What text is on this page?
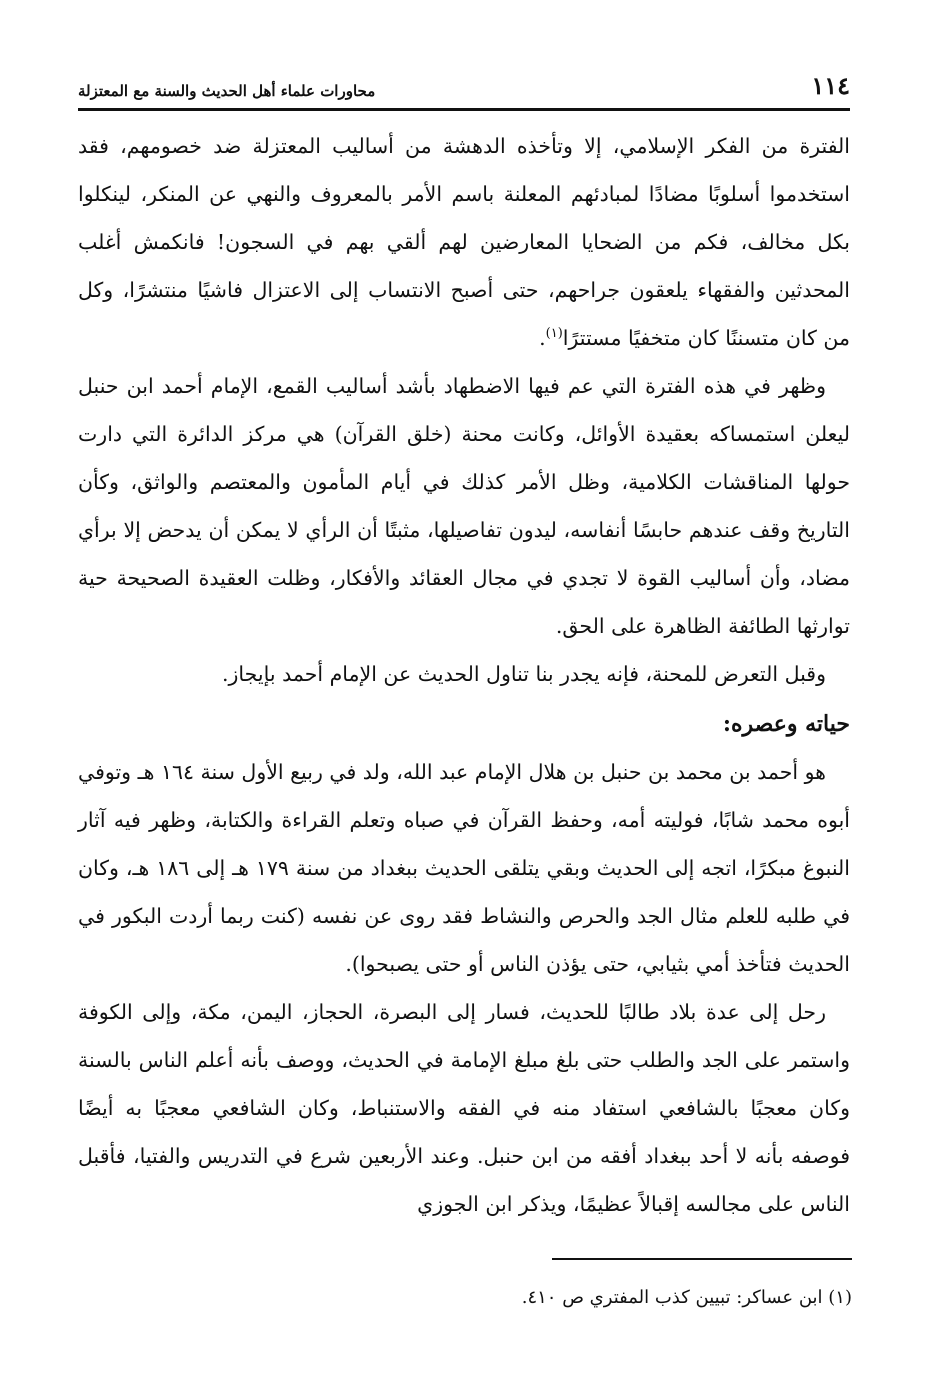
١١٤
محاورات علماء أهل الحديث والسنة مع المعتزلة

الفترة من الفكر الإسلامي، إلا وتأخذه الدهشة من أساليب المعتزلة ضد خصومهم، فقد استخدموا أسلوبًا مضادًا لمبادئهم المعلنة باسم الأمر بالمعروف والنهي عن المنكر، لينكلوا بكل مخالف، فكم من الضحايا المعارضين لهم ألقي بهم في السجون! فانكمش أغلب المحدثين والفقهاء يلعقون جراحهم، حتى أصبح الانتساب إلى الاعتزال فاشيًا منتشرًا، وكل من كان متسننًا كان متخفيًا مستترًا$^{(١)}$.

وظهر في هذه الفترة التي عم فيها الاضطهاد بأشد أساليب القمع، الإمام أحمد ابن حنبل ليعلن استمساكه بعقيدة الأوائل، وكانت محنة (خلق القرآن) هي مركز الدائرة التي دارت حولها المناقشات الكلامية، وظل الأمر كذلك في أيام المأمون والمعتصم والواثق، وكأن التاريخ وقف عندهم حابسًا أنفاسه، ليدون تفاصيلها، مثبتًا أن الرأي لا يمكن أن يدحض إلا برأي مضاد، وأن أساليب القوة لا تجدي في مجال العقائد والأفكار، وظلت العقيدة الصحيحة حية توارثها الطائفة الظاهرة على الحق.

وقبل التعرض للمحنة، فإنه يجدر بنا تناول الحديث عن الإمام أحمد بإيجاز.

حياته وعصره:

هو أحمد بن محمد بن حنبل بن هلال الإمام عبد الله، ولد في ربيع الأول سنة ١٦٤ هـ وتوفي أبوه محمد شابًا، فوليته أمه، وحفظ القرآن في صباه وتعلم القراءة والكتابة، وظهر فيه آثار النبوغ مبكرًا، اتجه إلى الحديث وبقي يتلقى الحديث ببغداد من سنة ١٧٩ هـ إلى ١٨٦ هـ، وكان في طلبه للعلم مثال الجد والحرص والنشاط فقد روى عن نفسه (كنت ربما أردت البكور في الحديث فتأخذ أمي بثيابي، حتى يؤذن الناس أو حتى يصبحوا).

رحل إلى عدة بلاد طالبًا للحديث، فسار إلى البصرة، الحجاز، اليمن، مكة، وإلى الكوفة واستمر على الجد والطلب حتى بلغ مبلغ الإمامة في الحديث، ووصف بأنه أعلم الناس بالسنة وكان معجبًا بالشافعي استفاد منه في الفقه والاستنباط، وكان الشافعي معجبًا به أيضًا فوصفه بأنه لا أحد ببغداد أفقه من ابن حنبل. وعند الأربعين شرع في التدريس والفتيا، فأقبل الناس على مجالسه إقبالاً عظيمًا، ويذكر ابن الجوزي

(١) ابن عساكر: تبيين كذب المفتري ص ٤١٠.
